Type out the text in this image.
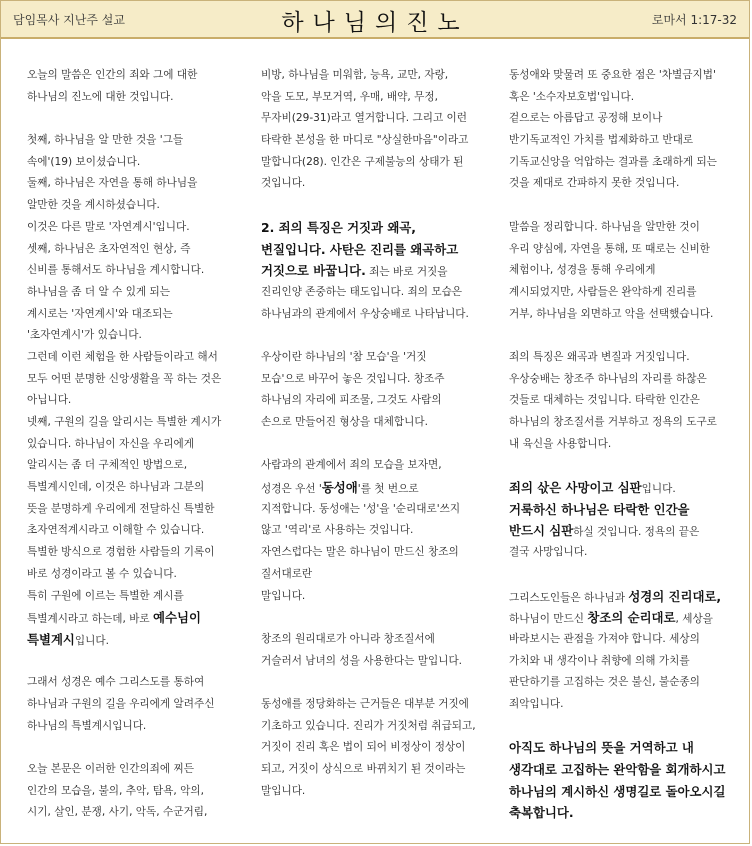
담임목사 지난주 설교	하나님의진노	로마서 1:17-32
오늘의 말씀은 인간의 죄와 그에 대한
하나님의 진노에 대한 것입니다.
첫째, 하나님을 알 만한 것을 '그들
속에'(19) 보이셨습니다.
둘째, 하나님은 자연을 통해 하나님을
알만한 것을 계시하셨습니다.
이것은 다른 말로 '자연계시'입니다.
셋째, 하나님은 초자연적인 현상, 즉
신비를 통해서도 하나님을 계시합니다.
하나님을 좀 더 알 수 있게 되는
계시로는 '자연계시'와 대조되는
'초자연계시'가 있습니다.
그런데 이런 체험을 한 사람들이라고 해서
모두 어떤 분명한 신앙생활을 꼭 하는 것은
아닙니다.
넷째, 구원의 길을 알리시는 특별한 계시가
있습니다. 하나님이 자신을 우리에게
알리시는 좀 더 구체적인 방법으로,
특별계시인데, 이것은 하나님과 그분의
뜻을 분명하게 우리에게 전달하신 특별한
초자연적계시라고 이해할 수 있습니다.
특별한 방식으로 경험한 사람들의 기록이
바로 성경이라고 볼 수 있습니다.
특히 구원에 이르는 특별한 계시를
특별계시라고 하는데, 바로 예수님이
특별계시입니다.
그래서 성경은 예수 그리스도를 통하여
하나님과 구원의 길을 우리에게 알려주신
하나님의 특별계시입니다.
오늘 본문은 이러한 인간의죄에 찌든
인간의 모습을, 불의, 추악, 탐욕, 악의,
시기, 살인, 분쟁, 사기, 악독, 수군거림,
비방, 하나님을 미워함, 능욕, 교만, 자랑,
악을 도모, 부모거역, 우매, 배약, 무정,
무자비(29-31)라고 열거합니다. 그리고 이런
타락한 본성을 한 마디로 "상실한마음"이라고
말합니다(28). 인간은 구제불능의 상태가 된
것입니다.
2. 죄의 특징은 거짓과 왜곡,
변질입니다. 사탄은 진리를 왜곡하고
거짓으로 바꿉니다. 죄는 바로 거짓을
진리인양 존중하는 태도입니다. 죄의 모습은
하나님과의 관계에서 우상숭배로 나타납니다.
우상이란 하나님의 '참 모습'을 '거짓
모습'으로 바꾸어 놓은 것입니다. 창조주
하나님의 자리에 피조물, 그것도 사람의
손으로 만들어진 형상을 대체합니다.
사람과의 관계에서 죄의 모습을 보자면,
성경은 우선 '동성애'를 첫 번으로
지적합니다. 동성애는 '성'을 '순리대로'쓰지
않고 '역리'로 사용하는 것입니다.
자연스럽다는 말은 하나님이 만드신 창조의
질서대로란
말입니다.
창조의 원리대로가 아니라 창조질서에
거슬러서 남녀의 성을 사용한다는 말입니다.
동성애를 정당화하는 근거들은 대부분 거짓에
기초하고 있습니다. 진리가 거짓처럼 취급되고,
거짓이 진리 혹은 법이 되어 비정상이 정상이
되고, 거짓이 상식으로 바뀌치기 된 것이라는
말입니다.
동성애와 맞물려 또 중요한 점은 '차별금지법'
혹은 '소수자보호법'입니다.
겉으로는 아름답고 공정해 보이나
반기독교적인 가치를 법제화하고 반대로
기독교신앙을 억압하는 결과를 초래하게 되는
것을 제대로 간파하지 못한 것입니다.
말씀을 정리합니다. 하나님을 알만한 것이
우리 양심에, 자연을 통해, 또 때로는 신비한
체험이나, 성경을 통해 우리에게
계시되었지만, 사람들은 완악하게 진리를
거부, 하나님을 외면하고 악을 선택했습니다.
죄의 특징은 왜곡과 변질과 거짓입니다.
우상숭배는 창조주 하나님의 자리를 하찮은
것들로 대체하는 것입니다. 타락한 인간은
하나님의 창조질서를 거부하고 정욕의 도구로
내 육신을 사용합니다.
죄의 삯은 사망이고 심판입니다.
거룩하신 하나님은 타락한 인간을
반드시 심판하실 것입니다. 정욕의 끝은
결국 사망입니다.
그리스도인들은 하나님과 성경의 진리대로,
하나님이 만드신 창조의 순리대로, 세상을
바라보시는 관점을 가져야 합니다. 세상의
가치와 내 생각이나 취향에 의해 가치를
판단하기를 고집하는 것은 불신, 불순종의
죄악입니다.
아직도 하나님의 뜻을 거역하고 내
생각대로 고집하는 완악함을 회개하시고
하나님의 계시하신 생명길로 돌아오시길
축복합니다.
